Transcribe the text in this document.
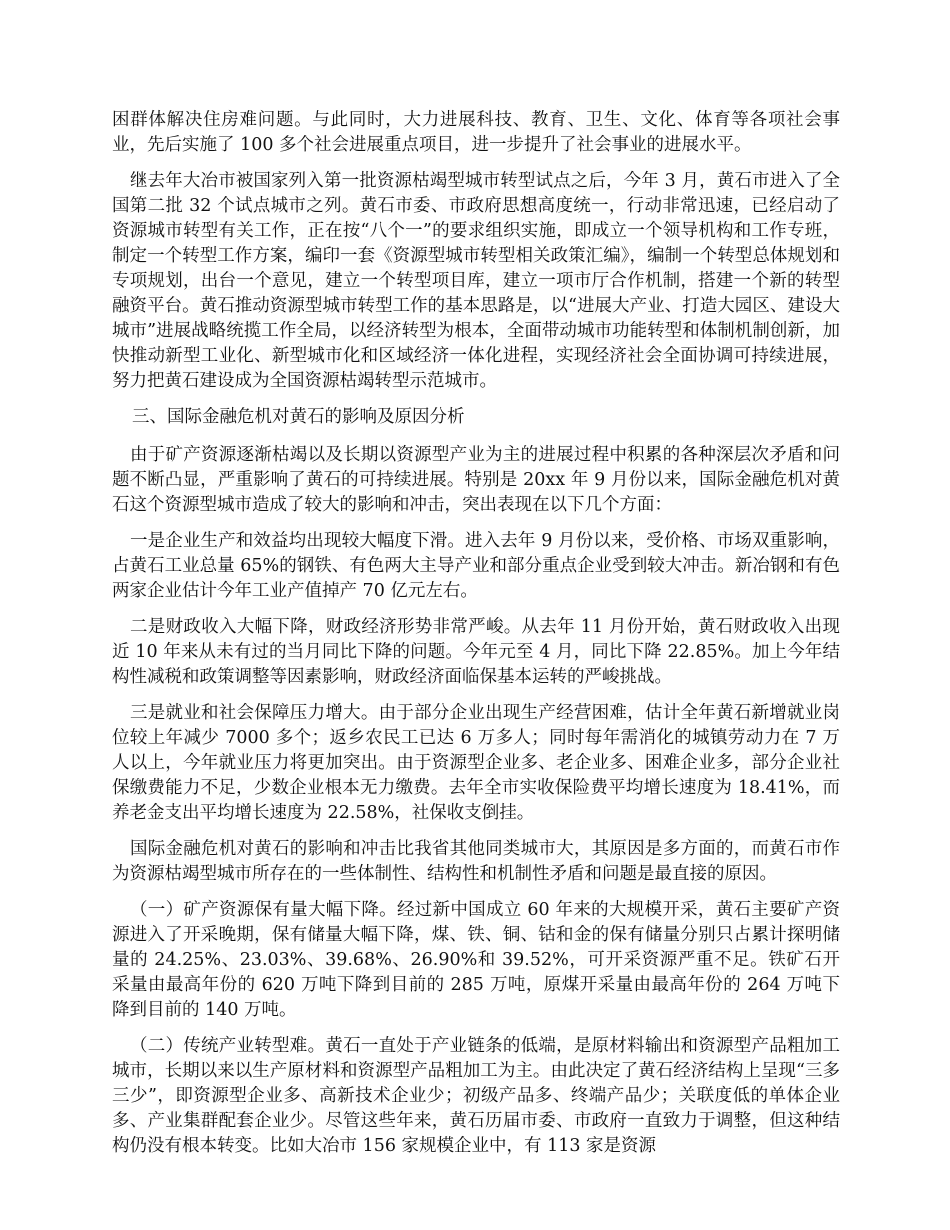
困群体解决住房难问题。与此同时，大力进展科技、教育、卫生、文化、体育等各项社会事业，先后实施了 100 多个社会进展重点项目，进一步提升了社会事业的进展水平。

继去年大冶市被国家列入第一批资源枯竭型城市转型试点之后，今年 3 月，黄石市进入了全国第二批 32 个试点城市之列。黄石市委、市政府思想高度统一，行动非常迅速，已经启动了资源城市转型有关工作，正在按“八个一”的要求组织实施，即成立一个领导机构和工作专班，制定一个转型工作方案，编印一套《资源型城市转型相关政策汇编》，编制一个转型总体规划和专项规划，出台一个意见，建立一个转型项目库，建立一项市厅合作机制，搭建一个新的转型融资平台。黄石推动资源型城市转型工作的基本思路是，以“进展大产业、打造大园区、建设大城市”进展战略统揽工作全局，以经济转型为根本，全面带动城市功能转型和体制机制创新，加快推动新型工业化、新型城市化和区域经济一体化进程，实现经济社会全面协调可持续进展，努力把黄石建设成为全国资源枯竭转型示范城市。

三、国际金融危机对黄石的影响及原因分析

由于矿产资源逐渐枯竭以及长期以资源型产业为主的进展过程中积累的各种深层次矛盾和问题不断凸显，严重影响了黄石的可持续进展。特别是 20xx 年 9 月份以来，国际金融危机对黄石这个资源型城市造成了较大的影响和冲击，突出表现在以下几个方面：

一是企业生产和效益均出现较大幅度下滑。进入去年 9 月份以来，受价格、市场双重影响，占黄石工业总量 65%的钢铁、有色两大主导产业和部分重点企业受到较大冲击。新冶钢和有色两家企业估计今年工业产值掉产 70 亿元左右。

二是财政收入大幅下降，财政经济形势非常严峻。从去年 11 月份开始，黄石财政收入出现近 10 年来从未有过的当月同比下降的问题。今年元至 4 月，同比下降 22.85%。加上今年结构性减税和政策调整等因素影响，财政经济面临保基本运转的严峻挑战。

三是就业和社会保障压力增大。由于部分企业出现生产经营困难，估计全年黄石新增就业岗位较上年减少 7000 多个；返乡农民工已达 6 万多人；同时每年需消化的城镇劳动力在 7 万人以上，今年就业压力将更加突出。由于资源型企业多、老企业多、困难企业多，部分企业社保缴费能力不足，少数企业根本无力缴费。去年全市实收保险费平均增长速度为 18.41%，而养老金支出平均增长速度为 22.58%，社保收支倒挂。

国际金融危机对黄石的影响和冲击比我省其他同类城市大，其原因是多方面的，而黄石市作为资源枯竭型城市所存在的一些体制性、结构性和机制性矛盾和问题是最直接的原因。

（一）矿产资源保有量大幅下降。经过新中国成立 60 年来的大规模开采，黄石主要矿产资源进入了开采晚期，保有储量大幅下降，煤、铁、铜、钴和金的保有储量分别只占累计探明储量的 24.25%、23.03%、39.68%、26.90%和 39.52%，可开采资源严重不足。铁矿石开采量由最高年份的 620 万吨下降到目前的 285 万吨，原煤开采量由最高年份的 264 万吨下降到目前的 140 万吨。

（二）传统产业转型难。黄石一直处于产业链条的低端，是原材料输出和资源型产品粗加工城市，长期以来以生产原材料和资源型产品粗加工为主。由此决定了黄石经济结构上呈现“三多三少”，即资源型企业多、高新技术企业少；初级产品多、终端产品少；关联度低的单体企业多、产业集群配套企业少。尽管这些年来，黄石历届市委、市政府一直致力于调整，但这种结构仍没有根本转变。比如大冶市 156 家规模企业中，有 113 家是资源
